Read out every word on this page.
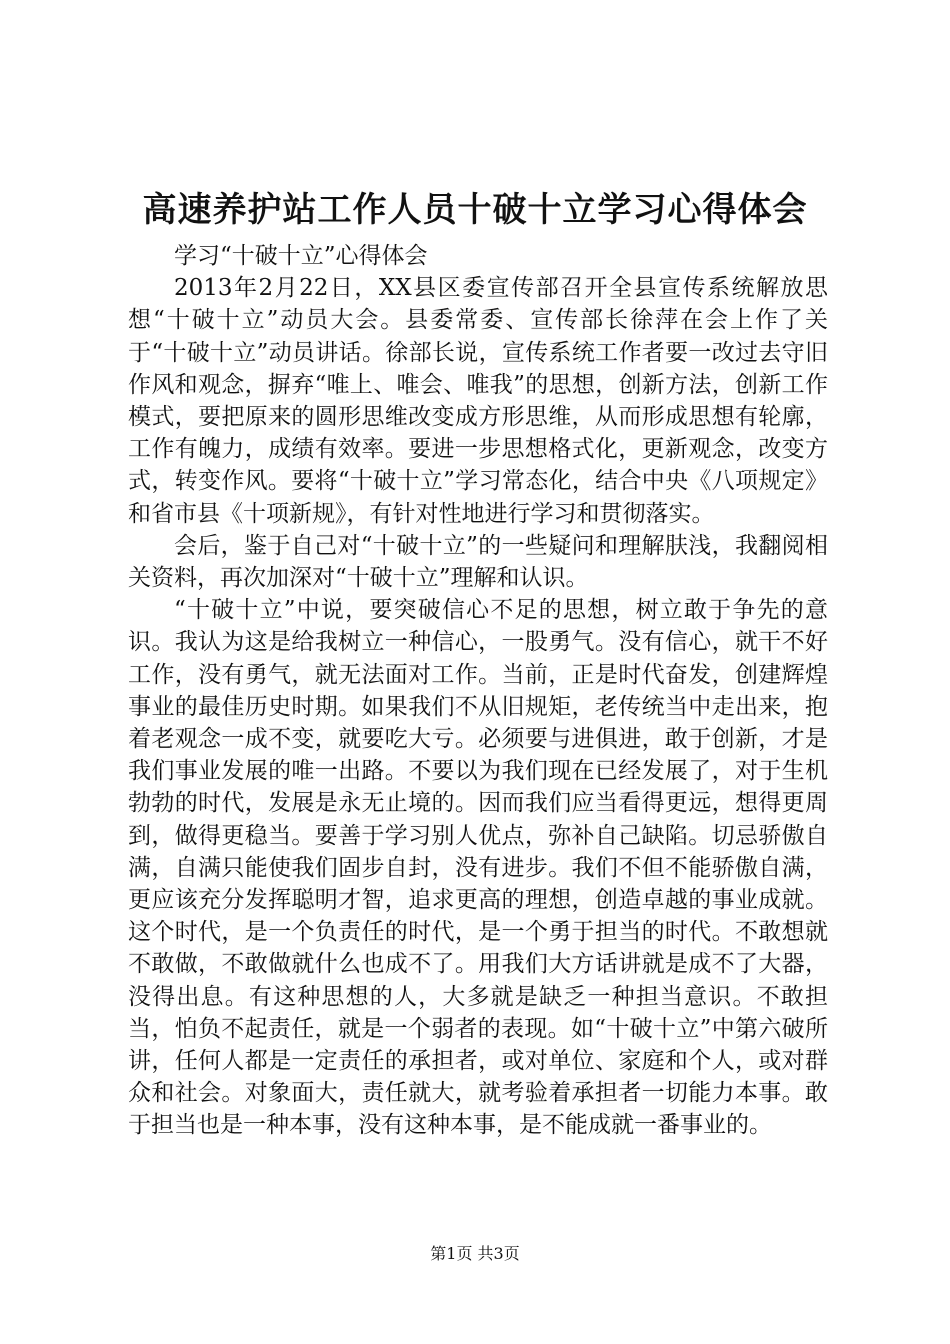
高速养护站工作人员十破十立学习心得体会

学习“十破十立”心得体会

2013年2月22日，XX县区委宣传部召开全县宣传系统解放思想“十破十立”动员大会。县委常委、宣传部长徐萍在会上作了关于“十破十立”动员讲话。徐部长说，宣传系统工作者要一改过去守旧作风和观念，摒弃“唯上、唯会、唯我”的思想，创新方法，创新工作模式，要把原来的圆形思维改变成方形思维，从而形成思想有轮廓，工作有魄力，成绩有效率。要进一步思想格式化，更新观念，改变方式，转变作风。要将“十破十立”学习常态化，结合中央《八项规定》和省市县《十项新规》，有针对性地进行学习和贯彻落实。

会后，鉴于自己对“十破十立”的一些疑问和理解肤浅，我翻阅相关资料，再次加深对“十破十立”理解和认识。

“十破十立”中说，要突破信心不足的思想，树立敢于争先的意识。我认为这是给我树立一种信心，一股勇气。没有信心，就干不好工作，没有勇气，就无法面对工作。当前，正是时代奋发，创建辉煌事业的最佳历史时期。如果我们不从旧规矩，老传统当中走出来，抱着老观念一成不变，就要吃大亏。必须要与进俱进，敢于创新，才是我们事业发展的唯一出路。不要以为我们现在已经发展了，对于生机勃勃的时代，发展是永无止境的。因而我们应当看得更远，想得更周到，做得更稳当。要善于学习别人优点，弥补自己缺陷。切忌骄傲自满，自满只能使我们固步自封，没有进步。我们不但不能骄傲自满，更应该充分发挥聪明才智，追求更高的理想，创造卓越的事业成就。这个时代，是一个负责任的时代，是一个勇于担当的时代。不敢想就不敢做，不敢做就什么也成不了。用我们大方话讲就是成不了大器，没得出息。有这种思想的人，大多就是缺乏一种担当意识。不敢担当，怕负不起责任，就是一个弱者的表现。如“十破十立”中第六破所讲，任何人都是一定责任的承担者，或对单位、家庭和个人，或对群众和社会。对象面大，责任就大，就考验着承担者一切能力本事。敢于担当也是一种本事，没有这种本事，是不能成就一番事业的。

第1页 共3页
